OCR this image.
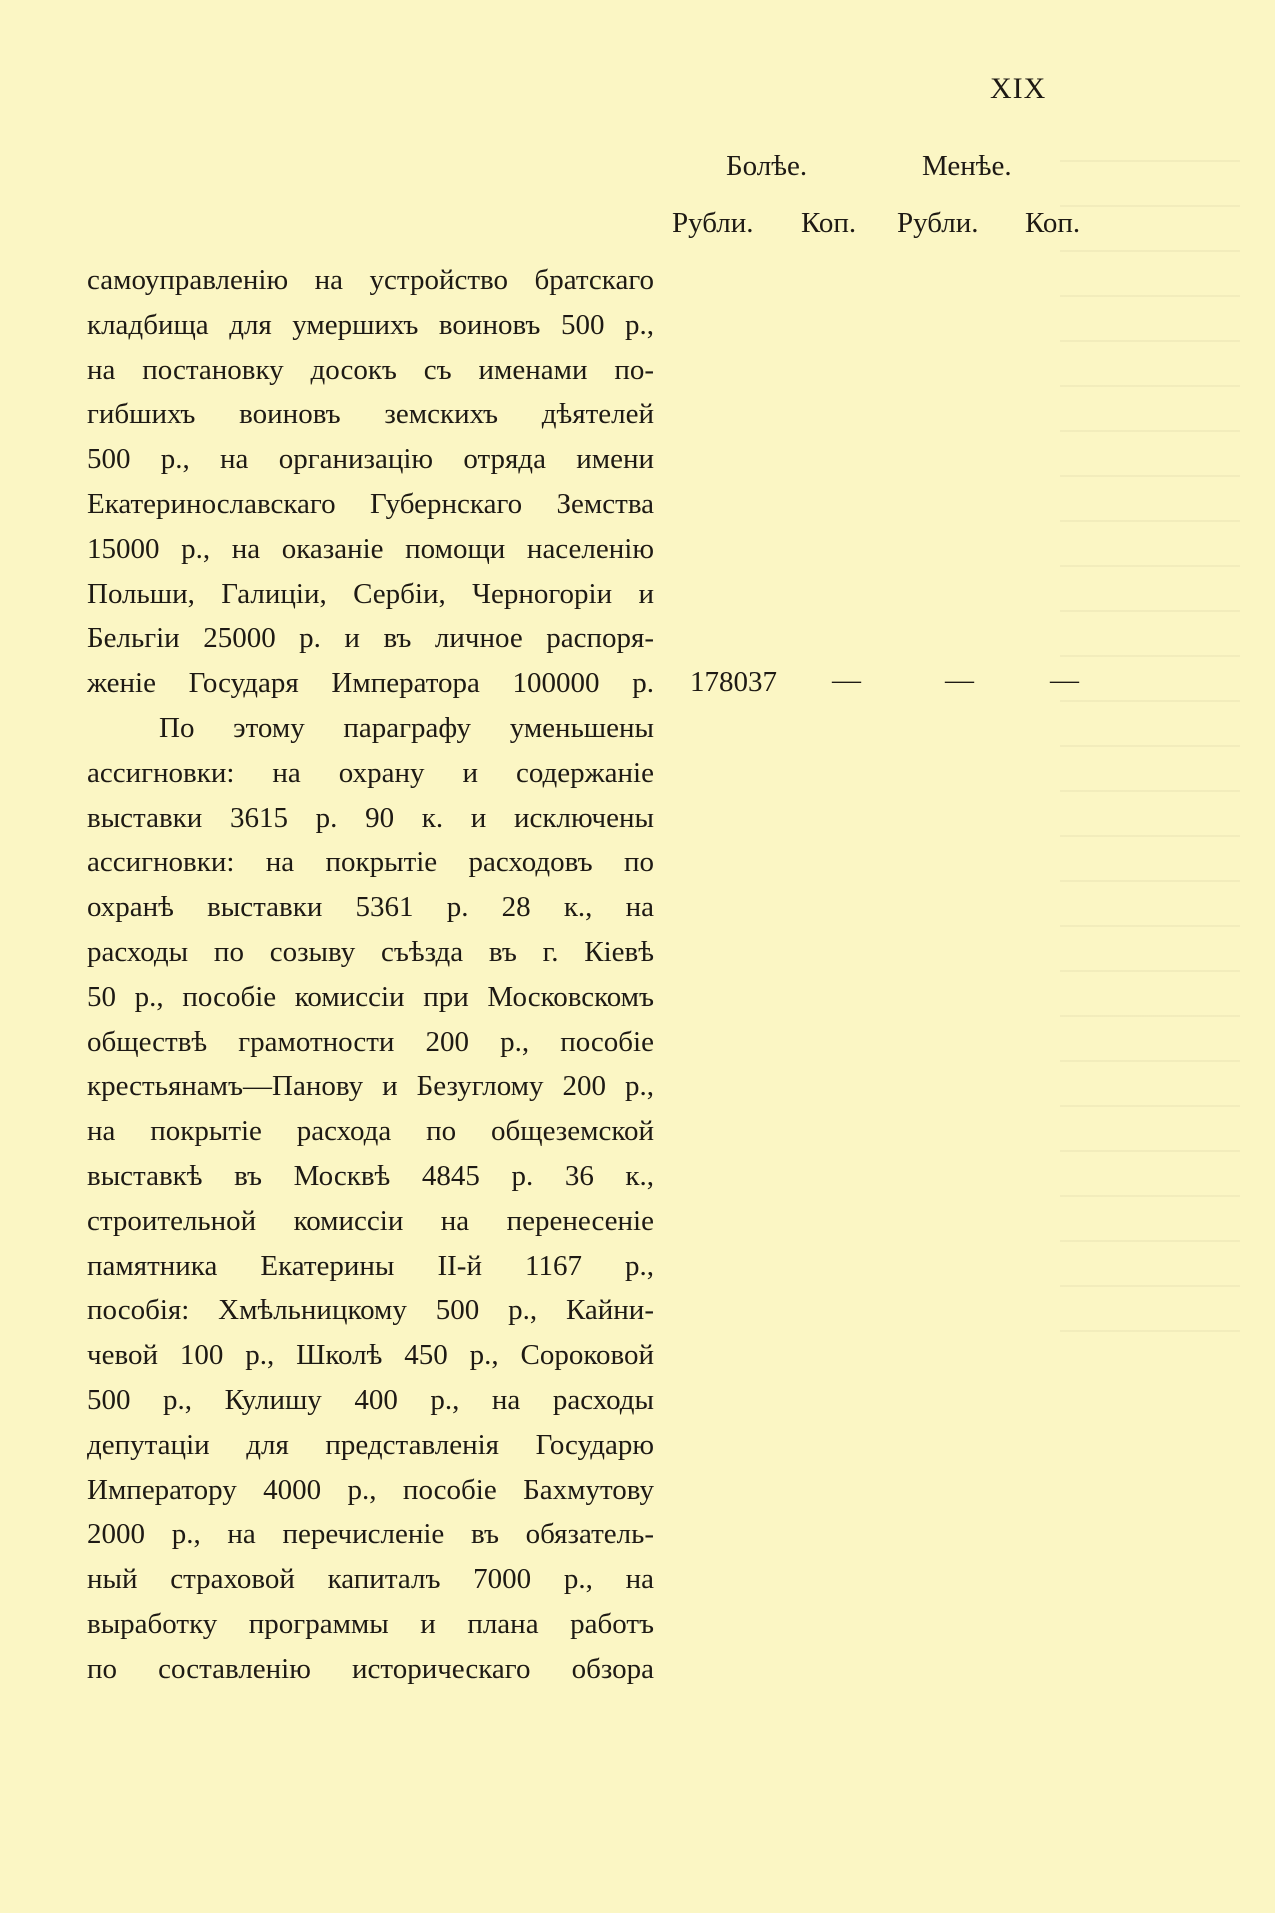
XIX
Болѣе.	Менѣе.
Рубли. Коп. Рубли. Коп.
самоуправленію на устройство братскаго
кладбища для умершихъ воиновъ 500 р.,
на постановку досокъ съ именами по-
гибшихъ воиновъ земскихъ дѣятелей
500 р., на организацію отряда имени
Екатеринославскаго Губернскаго Земства
15000 р., на оказаніе помощи населенію
Польши, Галиціи, Сербіи, Черногоріи и
Бельгіи 25000 р. и въ личное распоря-
женіе Государя Императора 100000 р.
По этому параграфу уменьшены
ассигновки: на охрану и содержаніе
выставки 3615 р. 90 к. и исключены
ассигновки: на покрытіе расходовъ по
охранѣ выставки 5361 р. 28 к., на
расходы по созыву съѣзда въ г. Кіевѣ
50 р., пособіе комиссіи при Московскомъ
обществѣ грамотности 200 р., пособіе
крестьянамъ—Панову и Безуглому 200 р.,
на покрытіе расхода по общеземской
выставкѣ въ Москвѣ 4845 р. 36 к.,
строительной комиссіи на перенесеніе
памятника Екатерины II-й 1167 р.,
пособія: Хмѣльницкому 500 р., Кайни-
чевой 100 р., Школѣ 450 р., Сороковой
500 р., Кулишу 400 р., на расходы
депутаціи для представленія Государю
Императору 4000 р., пособіе Бахмутову
2000 р., на перечисленіе въ обязатель-
ный страховой капиталъ 7000 р., на
выработку программы и плана работъ
по составленію историческаго обзора
178037 —	—	—
